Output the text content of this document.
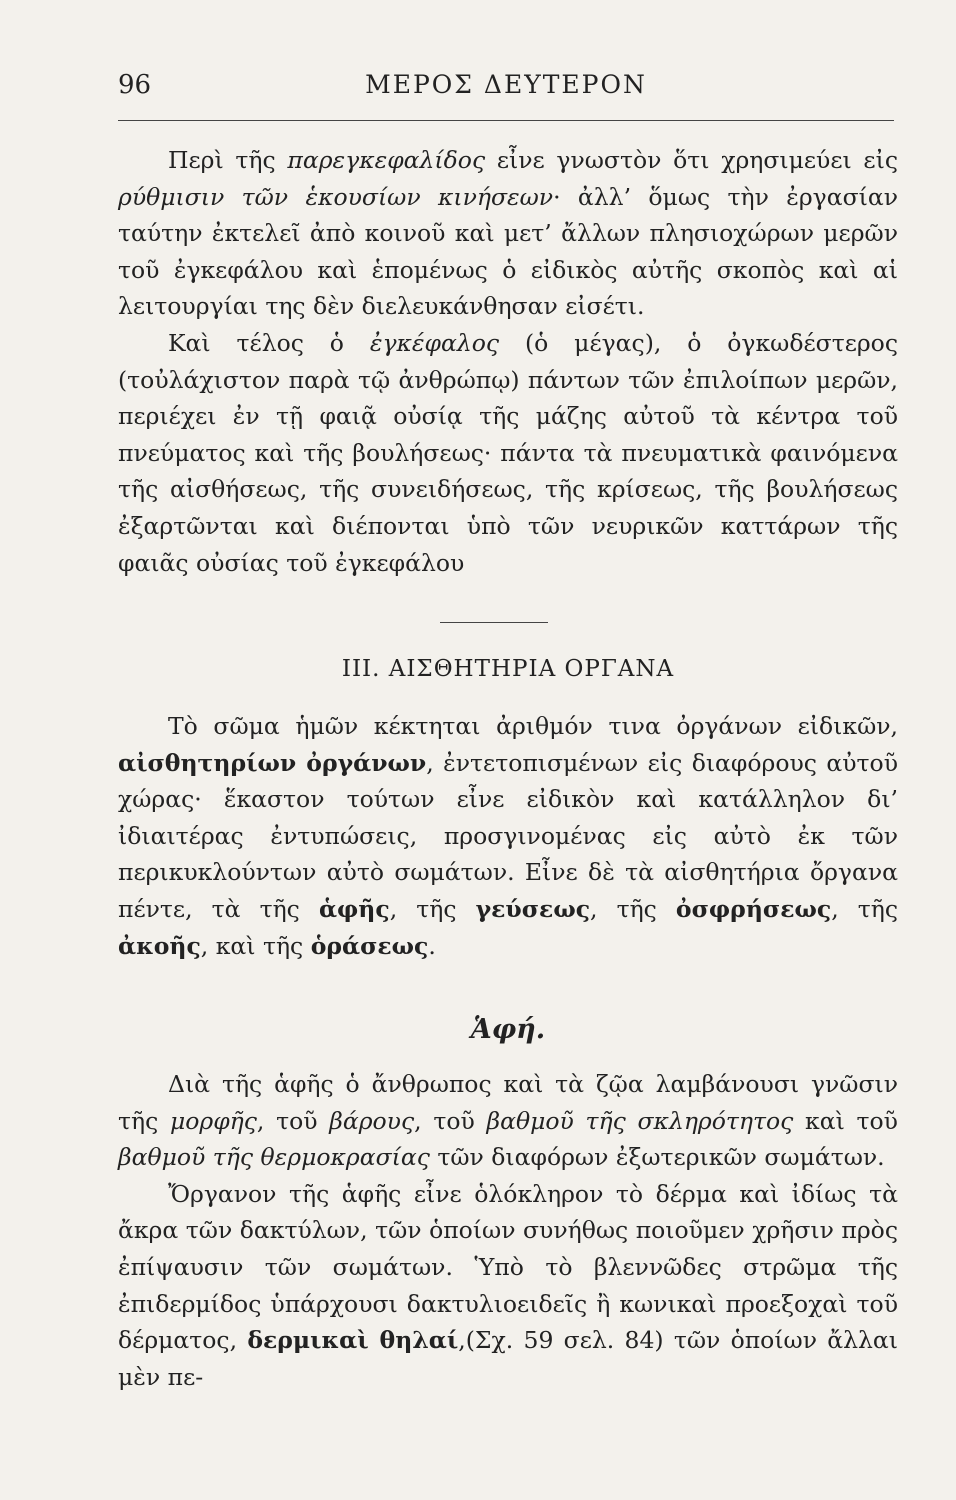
96	ΜΕΡΟΣ ΔΕΥΤΕΡΟΝ

Περὶ τῆς παρεγκεφαλίδος εἶνε γνωστὸν ὅτι χρησιμεύει εἰς ρύθμισιν τῶν ἑκουσίων κινήσεων· ἀλλ’ ὅμως τὴν ἐργασίαν ταύτην ἐκτελεῖ ἀπὸ κοινοῦ καὶ μετ’ ἄλλων πλησιοχώρων μερῶν τοῦ ἐγκεφάλου καὶ ἑπομένως ὁ εἰδικὸς αὐτῆς σκοπὸς καὶ αἱ λειτουργίαι της δὲν διελευκάνθησαν εἰσέτι.

Καὶ τέλος ὁ ἐγκέφαλος (ὁ μέγας), ὁ ὀγκωδέστερος (τοὐλάχιστον παρὰ τῷ ἀνθρώπῳ) πάντων τῶν ἐπιλοίπων μερῶν, περιέχει ἐν τῇ φαιᾷ οὐσίᾳ τῆς μάζης αὐτοῦ τὰ κέντρα τοῦ πνεύματος καὶ τῆς βουλήσεως· πάντα τὰ πνευματικὰ φαινόμενα τῆς αἰσθήσεως, τῆς συνειδήσεως, τῆς κρίσεως, τῆς βουλήσεως ἐξαρτῶνται καὶ διέπονται ὑπὸ τῶν νευρικῶν καττάρων τῆς φαιᾶς οὐσίας τοῦ ἐγκεφάλου

ΙΙΙ. ΑΙΣΘΗΤΗΡΙΑ ΟΡΓΑΝΑ

Τὸ σῶμα ἡμῶν κέκτηται ἀριθμόν τινα ὀργάνων εἰδικῶν, αἰσθητηρίων ὀργάνων, ἐντετοπισμένων εἰς διαφόρους αὐτοῦ χώρας· ἕκαστον τούτων εἶνε εἰδικὸν καὶ κατάλληλον δι’ ἰδιαιτέρας ἐντυπώσεις, προσγινομένας εἰς αὐτὸ ἐκ τῶν περικυκλούντων αὐτὸ σωμάτων. Εἶνε δὲ τὰ αἰσθητήρια ὄργανα πέντε, τὰ τῆς ἁφῆς, τῆς γεύσεως, τῆς ὀσφρήσεως, τῆς ἀκοῆς, καὶ τῆς ὁράσεως.

Ἁφή.

Διὰ τῆς ἁφῆς ὁ ἄνθρωπος καὶ τὰ ζῷα λαμβάνουσι γνῶσιν τῆς μορφῆς, τοῦ βάρους, τοῦ βαθμοῦ τῆς σκληρότητος καὶ τοῦ βαθμοῦ τῆς θερμοκρασίας τῶν διαφόρων ἐξωτερικῶν σωμάτων.

Ὄργανον τῆς ἁφῆς εἶνε ὁλόκληρον τὸ δέρμα καὶ ἰδίως τὰ ἄκρα τῶν δακτύλων, τῶν ὁποίων συνήθως ποιοῦμεν χρῆσιν πρὸς ἐπίψαυσιν τῶν σωμάτων. Ὑπὸ τὸ βλεννῶδες στρῶμα τῆς ἐπιδερμίδος ὑπάρχουσι δακτυλιοειδεῖς ἢ κωνικαὶ προεξοχαὶ τοῦ δέρματος, δερμικαὶ θηλαί,(Σχ. 59 σελ. 84) τῶν ὁποίων ἄλλαι μὲν πε-
